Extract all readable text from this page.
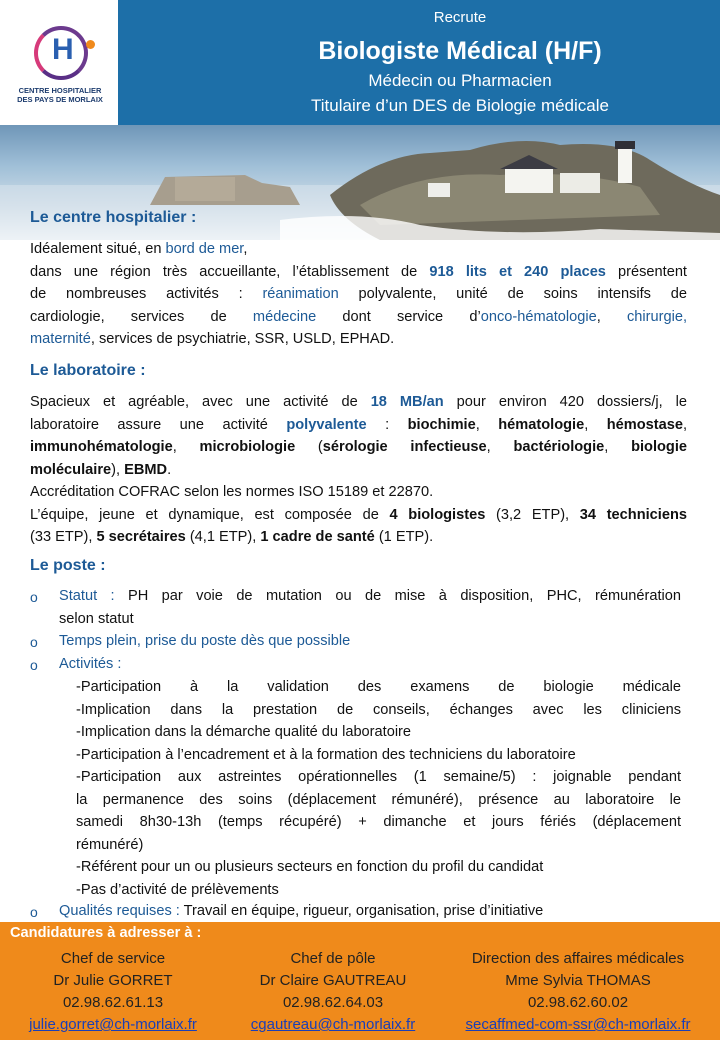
H
CENTRE HOSPITALIER
DES PAYS DE MORLAIX
Recrute
Biologiste Médical (H/F)
Médecin ou Pharmacien
Titulaire d’un DES de Biologie médicale
Le centre hospitalier :
Idéalement situé, en bord de mer,
dans une région très accueillante, l’établissement de 918 lits et 240 places présentent
de nombreuses activités : réanimation polyvalente, unité de soins intensifs de
cardiologie, services de médecine dont service d’onco-hématologie, chirurgie,
maternité, services de psychiatrie, SSR, USLD, EPHAD.
Le laboratoire :
Spacieux et agréable, avec une activité de 18 MB/an pour environ 420 dossiers/j, le
laboratoire assure une activité polyvalente : biochimie, hématologie, hémostase,
immunohématologie, microbiologie (sérologie infectieuse, bactériologie, biologie
moléculaire), EBMD.
Accréditation COFRAC selon les normes ISO 15189 et 22870.
L’équipe, jeune et dynamique, est composée de 4 biologistes (3,2 ETP), 34 techniciens
(33 ETP), 5 secrétaires (4,1 ETP), 1 cadre de santé (1 ETP).
Le poste :
o Statut : PH par voie de mutation ou de mise à disposition, PHC, rémunération
selon statut
o Temps plein, prise du poste dès que possible
o Activités :
-Participation à la validation des examens de biologie médicale
-Implication dans la prestation de conseils, échanges avec les cliniciens
-Implication dans la démarche qualité du laboratoire
-Participation à l’encadrement et à la formation des techniciens du laboratoire
-Participation aux astreintes opérationnelles (1 semaine/5) : joignable pendant
la permanence des soins (déplacement rémunéré), présence au laboratoire le
samedi 8h30-13h (temps récupéré) + dimanche et jours fériés (déplacement
rémunéré)
-Référent pour un ou plusieurs secteurs en fonction du profil du candidat
-Pas d’activité de prélèvements
o Qualités requises : Travail en équipe, rigueur, organisation, prise d’initiative
Candidatures à adresser à :
Chef de service
Dr Julie GORRET
02.98.62.61.13
julie.gorret@ch-morlaix.fr
Chef de pôle
Dr Claire GAUTREAU
02.98.62.64.03
cgautreau@ch-morlaix.fr
Direction des affaires médicales
Mme Sylvia THOMAS
02.98.62.60.02
secaffmed-com-ssr@ch-morlaix.fr
